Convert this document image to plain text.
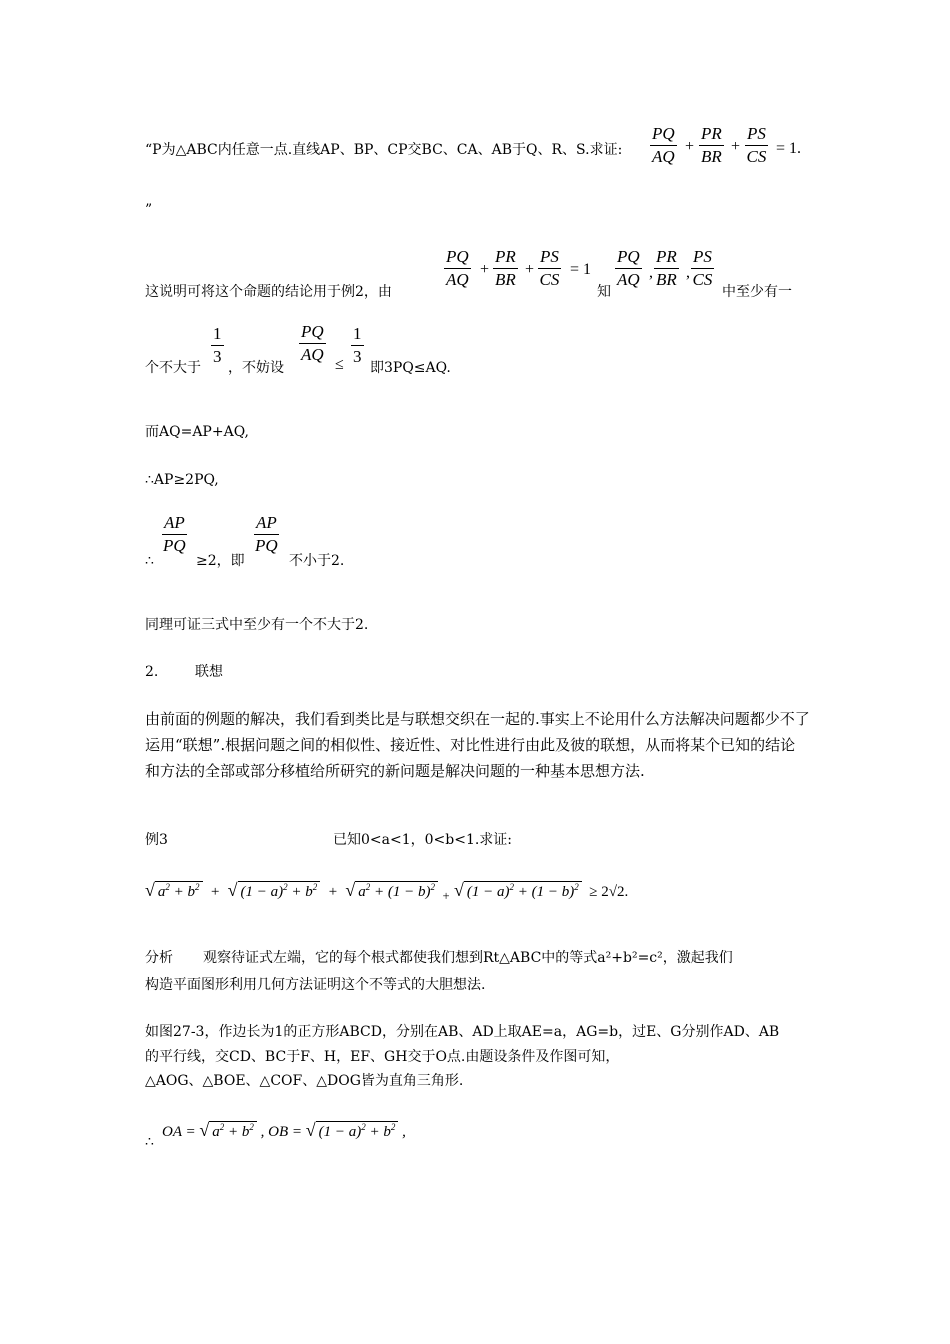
“P为△ABC内任意一点.直线AP、BP、CP交BC、CA、AB于Q、R、S.求证: $\frac{PQ}{AQ} + \frac{PR}{BR} + \frac{PS}{CS} = 1$.
”
这说明可将这个命题的结论用于例2，由
$\frac{PQ}{AQ} + \frac{PR}{BR} + \frac{PS}{CS} = 1$
知
$\frac{PQ}{AQ}$ , $\frac{PR}{BR}$ , $\frac{PS}{CS}$
中至少有一
个不大于
$\frac{1}{3}$
，不妨设
$\frac{PQ}{AQ}$
≤ $\frac{1}{3}$
即3PQ≤AQ.
而AQ=AP+AQ,
∴AP≥2PQ,
∴
$\frac{AP}{PQ}$
≥2，即
$\frac{AP}{PQ}$
不小于2.
同理可证三式中至少有一个不大于2.
2.	联想
由前面的例题的解决，我们看到类比是与联想交织在一起的.事实上不论用什么方法解决问题都少不了运用“联想”.根据问题之间的相似性、接近性、对比性进行由此及彼的联想，从而将某个已知的结论和方法的全部或部分移植给所研究的新问题是解决问题的一种基本思想方法.
例3	已知0<a<1，0<b<1.求证:
√ $a^2 + b^2$  +  √ $(1 - a)^2 + b^2$  +  √ $a^2 + (1 - b)^2$ $_+$ √ $(1 - a)^2 + (1 - b)^2 \ge 2√2$.
分析 观察待证式左端，它的每个根式都使我们想到Rt△ABC中的等式a²+b²=c²，激起我们
构造平面图形利用几何方法证明这个不等式的大胆想法.
如图27-3，作边长为1的正方形ABCD，分别在AB、AD上取AE=a，AG=b，过E、G分别作AD、AB
的平行线，交CD、BC于F、H，EF、GH交于O点.由题设条件及作图可知，
△AOG、△BOE、△COF、△DOG皆为直角三角形.
∴
OA = √ $a^2 + b^2$ , OB = √ $(1 - a)^2 + b^2$ ,
